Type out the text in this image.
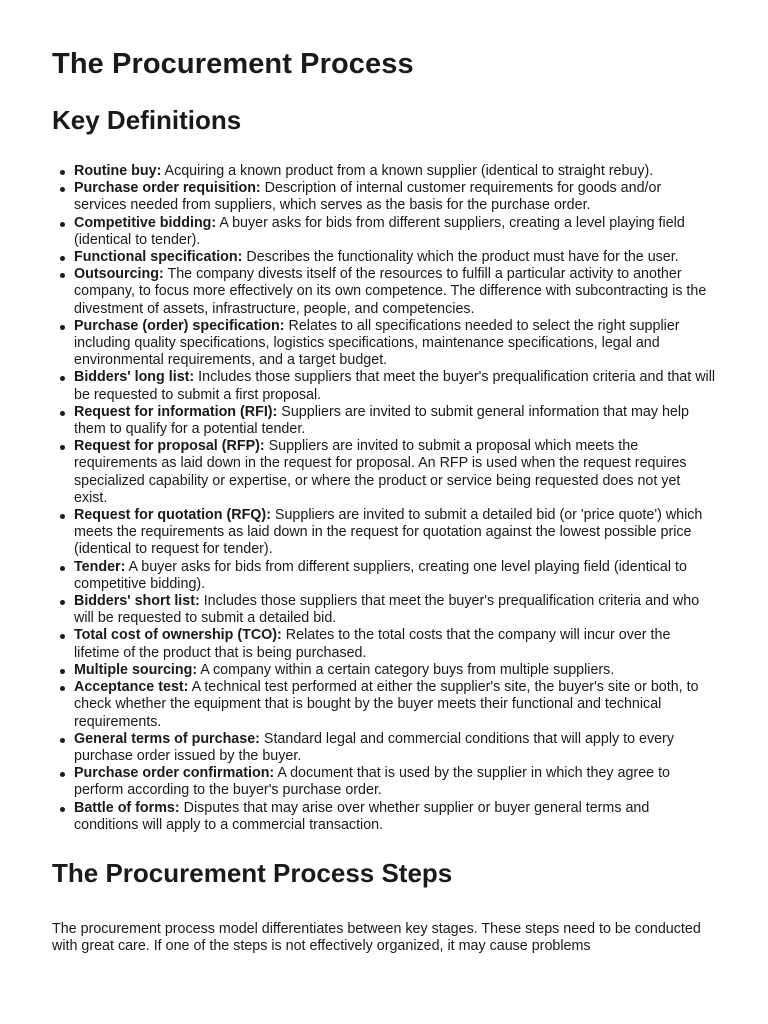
The Procurement Process
Key Definitions
Routine buy: Acquiring a known product from a known supplier (identical to straight rebuy).
Purchase order requisition: Description of internal customer requirements for goods and/or services needed from suppliers, which serves as the basis for the purchase order.
Competitive bidding: A buyer asks for bids from different suppliers, creating a level playing field (identical to tender).
Functional specification: Describes the functionality which the product must have for the user.
Outsourcing: The company divests itself of the resources to fulfill a particular activity to another company, to focus more effectively on its own competence. The difference with subcontracting is the divestment of assets, infrastructure, people, and competencies.
Purchase (order) specification: Relates to all specifications needed to select the right supplier including quality specifications, logistics specifications, maintenance specifications, legal and environmental requirements, and a target budget.
Bidders' long list: Includes those suppliers that meet the buyer's prequalification criteria and that will be requested to submit a first proposal.
Request for information (RFI): Suppliers are invited to submit general information that may help them to qualify for a potential tender.
Request for proposal (RFP): Suppliers are invited to submit a proposal which meets the requirements as laid down in the request for proposal. An RFP is used when the request requires specialized capability or expertise, or where the product or service being requested does not yet exist.
Request for quotation (RFQ): Suppliers are invited to submit a detailed bid (or 'price quote') which meets the requirements as laid down in the request for quotation against the lowest possible price (identical to request for tender).
Tender: A buyer asks for bids from different suppliers, creating one level playing field (identical to competitive bidding).
Bidders' short list: Includes those suppliers that meet the buyer's prequalification criteria and who will be requested to submit a detailed bid.
Total cost of ownership (TCO): Relates to the total costs that the company will incur over the lifetime of the product that is being purchased.
Multiple sourcing: A company within a certain category buys from multiple suppliers.
Acceptance test: A technical test performed at either the supplier's site, the buyer's site or both, to check whether the equipment that is bought by the buyer meets their functional and technical requirements.
General terms of purchase: Standard legal and commercial conditions that will apply to every purchase order issued by the buyer.
Purchase order confirmation: A document that is used by the supplier in which they agree to perform according to the buyer's purchase order.
Battle of forms: Disputes that may arise over whether supplier or buyer general terms and conditions will apply to a commercial transaction.
The Procurement Process Steps

The procurement process model differentiates between key stages. These steps need to be conducted with great care. If one of the steps is not effectively organized, it may cause problems
